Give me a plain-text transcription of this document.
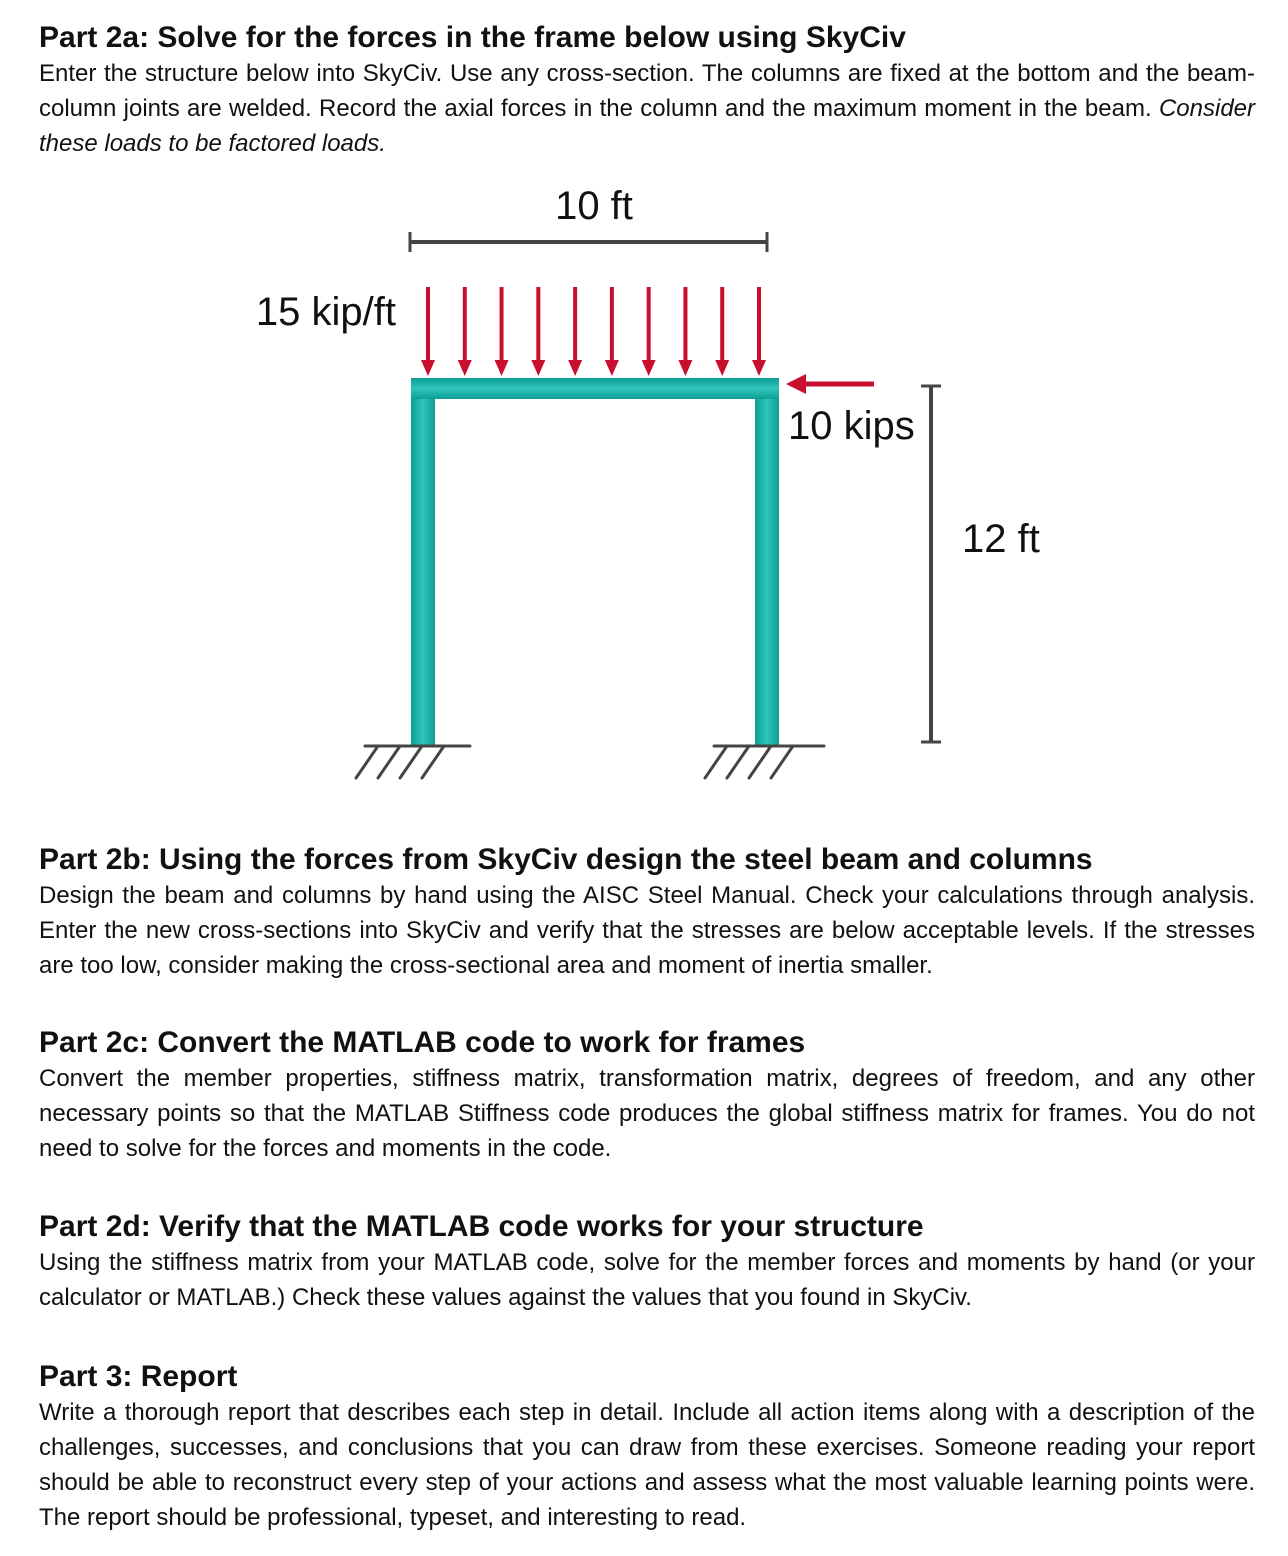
Part 2a: Solve for the forces in the frame below using SkyCiv

Enter the structure below into SkyCiv. Use any cross-section. The columns are fixed at the bottom and the beam-column joints are welded. Record the axial forces in the column and the maximum moment in the beam. Consider these loads to be factored loads.

10 ft
15 kip/ft
10 kips
12 ft
Part 2b: Using the forces from SkyCiv design the steel beam and columns

Design the beam and columns by hand using the AISC Steel Manual. Check your calculations through analysis. Enter the new cross-sections into SkyCiv and verify that the stresses are below acceptable levels. If the stresses are too low, consider making the cross-sectional area and moment of inertia smaller.

Part 2c: Convert the MATLAB code to work for frames

Convert the member properties, stiffness matrix, transformation matrix, degrees of freedom, and any other necessary points so that the MATLAB Stiffness code produces the global stiffness matrix for frames. You do not need to solve for the forces and moments in the code.

Part 2d: Verify that the MATLAB code works for your structure

Using the stiffness matrix from your MATLAB code, solve for the member forces and moments by hand (or your calculator or MATLAB.) Check these values against the values that you found in SkyCiv.

Part 3: Report

Write a thorough report that describes each step in detail. Include all action items along with a description of the challenges, successes, and conclusions that you can draw from these exercises. Someone reading your report should be able to reconstruct every step of your actions and assess what the most valuable learning points were. The report should be professional, typeset, and interesting to read.
